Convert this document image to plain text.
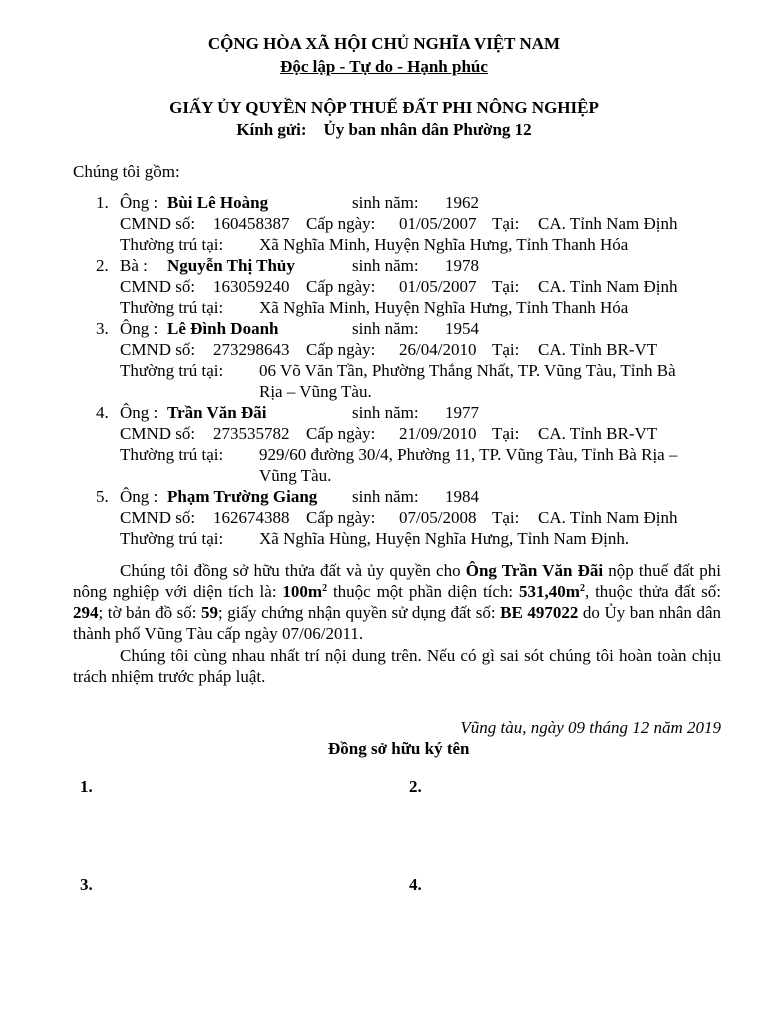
CỘNG HÒA XÃ HỘI CHỦ NGHĨA VIỆT NAM
Độc lập - Tự do - Hạnh phúc
GIẤY ỦY QUYỀN NỘP THUẾ ĐẤT PHI NÔNG NGHIỆP
Kính gửi: Ủy ban nhân dân Phường 12
Chúng tôi gồm:
1. Ông : Bùi Lê Hoàng	sinh năm: 1962
CMND số: 160458387 Cấp ngày: 01/05/2007 Tại: CA. Tỉnh Nam Định
Thường trú tại: Xã Nghĩa Minh, Huyện Nghĩa Hưng, Tỉnh Thanh Hóa
2. Bà : Nguyễn Thị Thủy	sinh năm: 1978
CMND số: 163059240 Cấp ngày: 01/05/2007 Tại: CA. Tỉnh Nam Định
Thường trú tại: Xã Nghĩa Minh, Huyện Nghĩa Hưng, Tỉnh Thanh Hóa
3. Ông : Lê Đình Doanh	sinh năm: 1954
CMND số: 273298643 Cấp ngày: 26/04/2010 Tại: CA. Tỉnh BR-VT
Thường trú tại: 06 Võ Văn Tần, Phường Thắng Nhất, TP. Vũng Tàu, Tỉnh Bà
Rịa – Vũng Tàu.
4. Ông : Trần Văn Đãi	sinh năm: 1977
CMND số: 273535782 Cấp ngày: 21/09/2010 Tại: CA. Tỉnh BR-VT
Thường trú tại: 929/60 đường 30/4, Phường 11, TP. Vũng Tàu, Tỉnh Bà Rịa –
Vũng Tàu.
5. Ông : Phạm Trường Giang sinh năm: 1984
CMND số: 162674388 Cấp ngày: 07/05/2008 Tại: CA. Tỉnh Nam Định
Thường trú tại: Xã Nghĩa Hùng, Huyện Nghĩa Hưng, Tỉnh Nam Định.
Chúng tôi đồng sở hữu thửa đất và ủy quyền cho Ông Trần Văn Đãi nộp thuế đất phi nông nghiệp với diện tích là: $100m^2$ thuộc một phần diện tích: $531,40m^2$, thuộc thửa đất số: 294; tờ bản đồ số: 59; giấy chứng nhận quyền sử dụng đất số: BE 497022 do Ủy ban nhân dân thành phố Vũng Tàu cấp ngày 07/06/2011.
Chúng tôi cùng nhau nhất trí nội dung trên. Nếu có gì sai sót chúng tôi hoàn toàn chịu trách nhiệm trước pháp luật.
Vũng tàu, ngày 09 tháng 12 năm 2019
Đồng sở hữu ký tên
1.	2.
3.	4.
